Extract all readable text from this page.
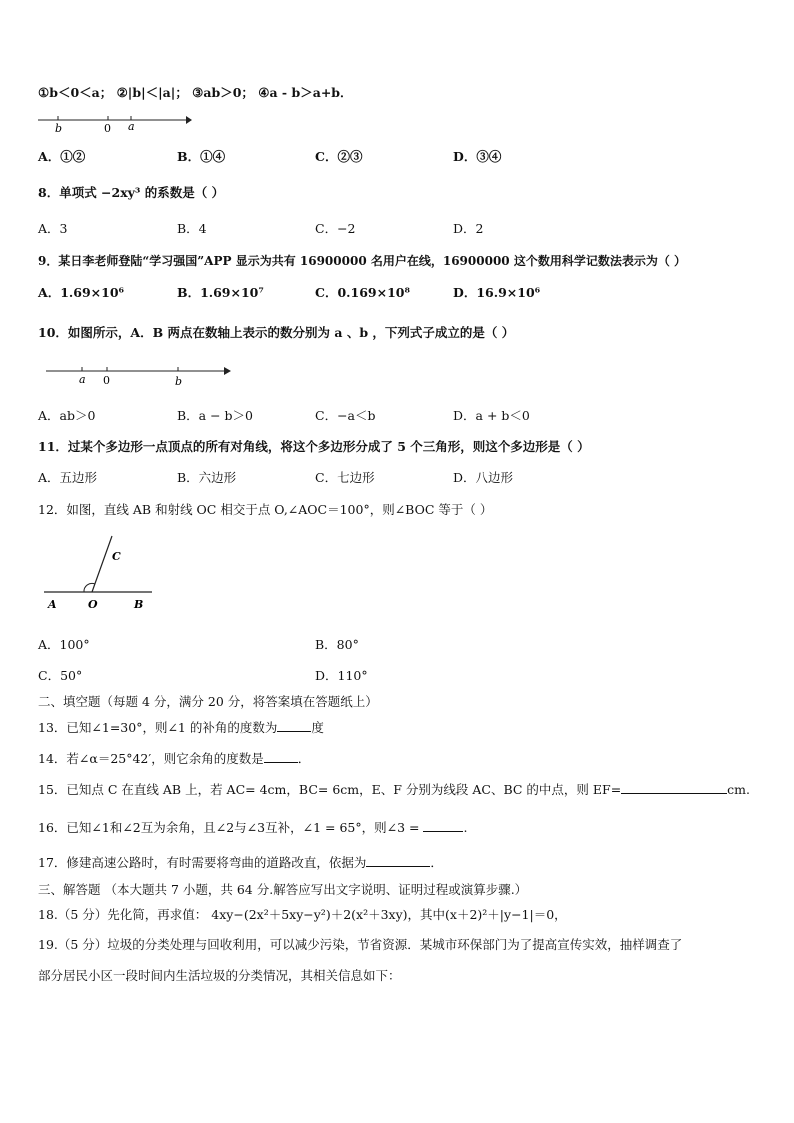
①b＜0＜a； ②|b|＜|a|； ③ab＞0； ④a - b＞a+b．
b	0 a
A．①②	B．①④	C．②③	D．③④
8．单项式 −2xy³ 的系数是（ ）
A．3	B．4	C．−2	D．2
9．某日李老师登陆“学习强国”APP 显示为共有 16900000 名用户在线，16900000 这个数用科学记数法表示为（ ）
A．1.69×10⁶	B．1.69×10⁷	C．0.169×10⁸	D．16.9×10⁶
10．如图所示，A．B 两点在数轴上表示的数分别为 a 、b ，下列式子成立的是（ ）
a 0	b
A．ab＞0	B．a − b＞0	C．−a＜b	D．a + b＜0
11．过某个多边形一点顶点的所有对角线，将这个多边形分成了 5 个三角形，则这个多边形是（ ）
A．五边形	B．六边形	C．七边形	D．八边形
12．如图，直线 AB 和射线 OC 相交于点 O,∠AOC＝100°，则∠BOC 等于（ ）
A	O	B
C
A．100°	B．80°
C．50°	D．110°
二、填空题（每题 4 分，满分 20 分，将答案填在答题纸上）
13．已知∠1=30°，则∠1 的补角的度数为	度
14．若∠α＝25°42′，则它余角的度数是	．
15．已知点 C 在直线 AB 上，若 AC= 4cm，BC= 6cm，E、F 分别为线段 AC、BC 的中点，则 EF=	cm.
16．已知∠1和∠2互为余角，且∠2与∠3互补，∠1 = 65°，则∠3 =	.
17．修建高速公路时，有时需要将弯曲的道路改直，依据为	．
三、解答题 （本大题共 7 小题，共 64 分.解答应写出文字说明、证明过程或演算步骤.）
18.（5 分）先化简，再求值： 4xy−(2x²＋5xy−y²)＋2(x²＋3xy)，其中(x＋2)²＋|y−1|＝0，
19.（5 分）垃圾的分类处理与回收利用，可以减少污染，节省资源．某城市环保部门为了提高宣传实效，抽样调查了
部分居民小区一段时间内生活垃圾的分类情况，其相关信息如下：
